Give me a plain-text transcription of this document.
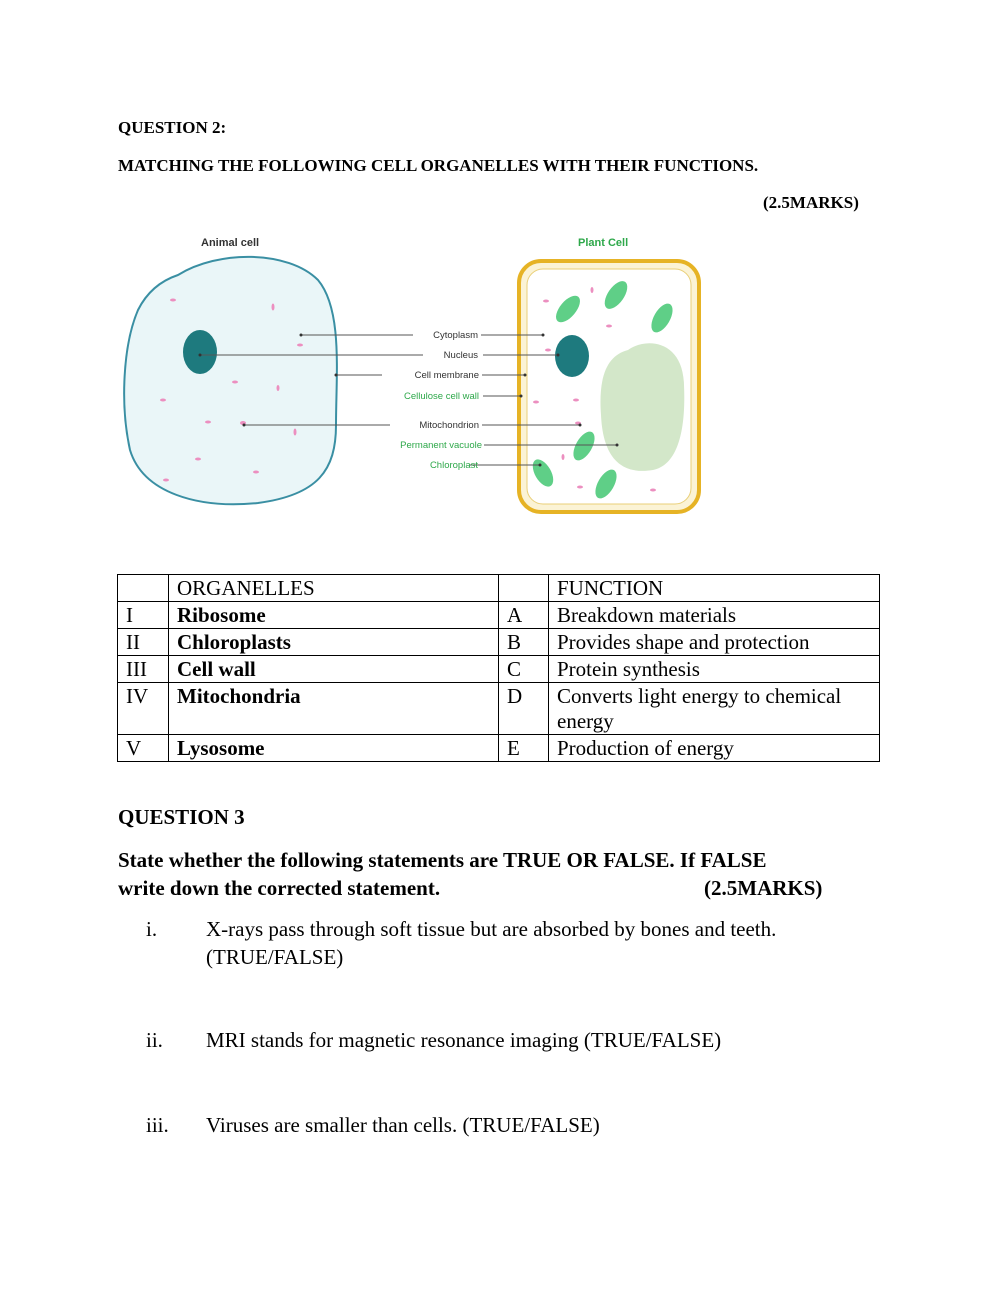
QUESTION 2:
MATCHING THE FOLLOWING CELL ORGANELLES WITH THEIR FUNCTIONS.
(2.5MARKS)
Animal cell	Plant Cell
Cytoplasm
Nucleus
Cell membrane
Cellulose cell wall
Mitochondrion
Permanent vacuole
Chloroplast
	ORGANELLES		FUNCTION
I	Ribosome	A	Breakdown materials
II	Chloroplasts	B	Provides shape and protection
III	Cell wall	C	Protein synthesis
IV	Mitochondria	D	Converts light energy to chemical energy
V	Lysosome	E	Production of energy
QUESTION 3
State whether the following statements are TRUE OR FALSE. If FALSE
write down the corrected statement.	(2.5MARKS)
i. X-rays pass through soft tissue but are absorbed by bones and teeth. (TRUE/FALSE)
ii. MRI stands for magnetic resonance imaging (TRUE/FALSE)
iii. Viruses are smaller than cells. (TRUE/FALSE)
